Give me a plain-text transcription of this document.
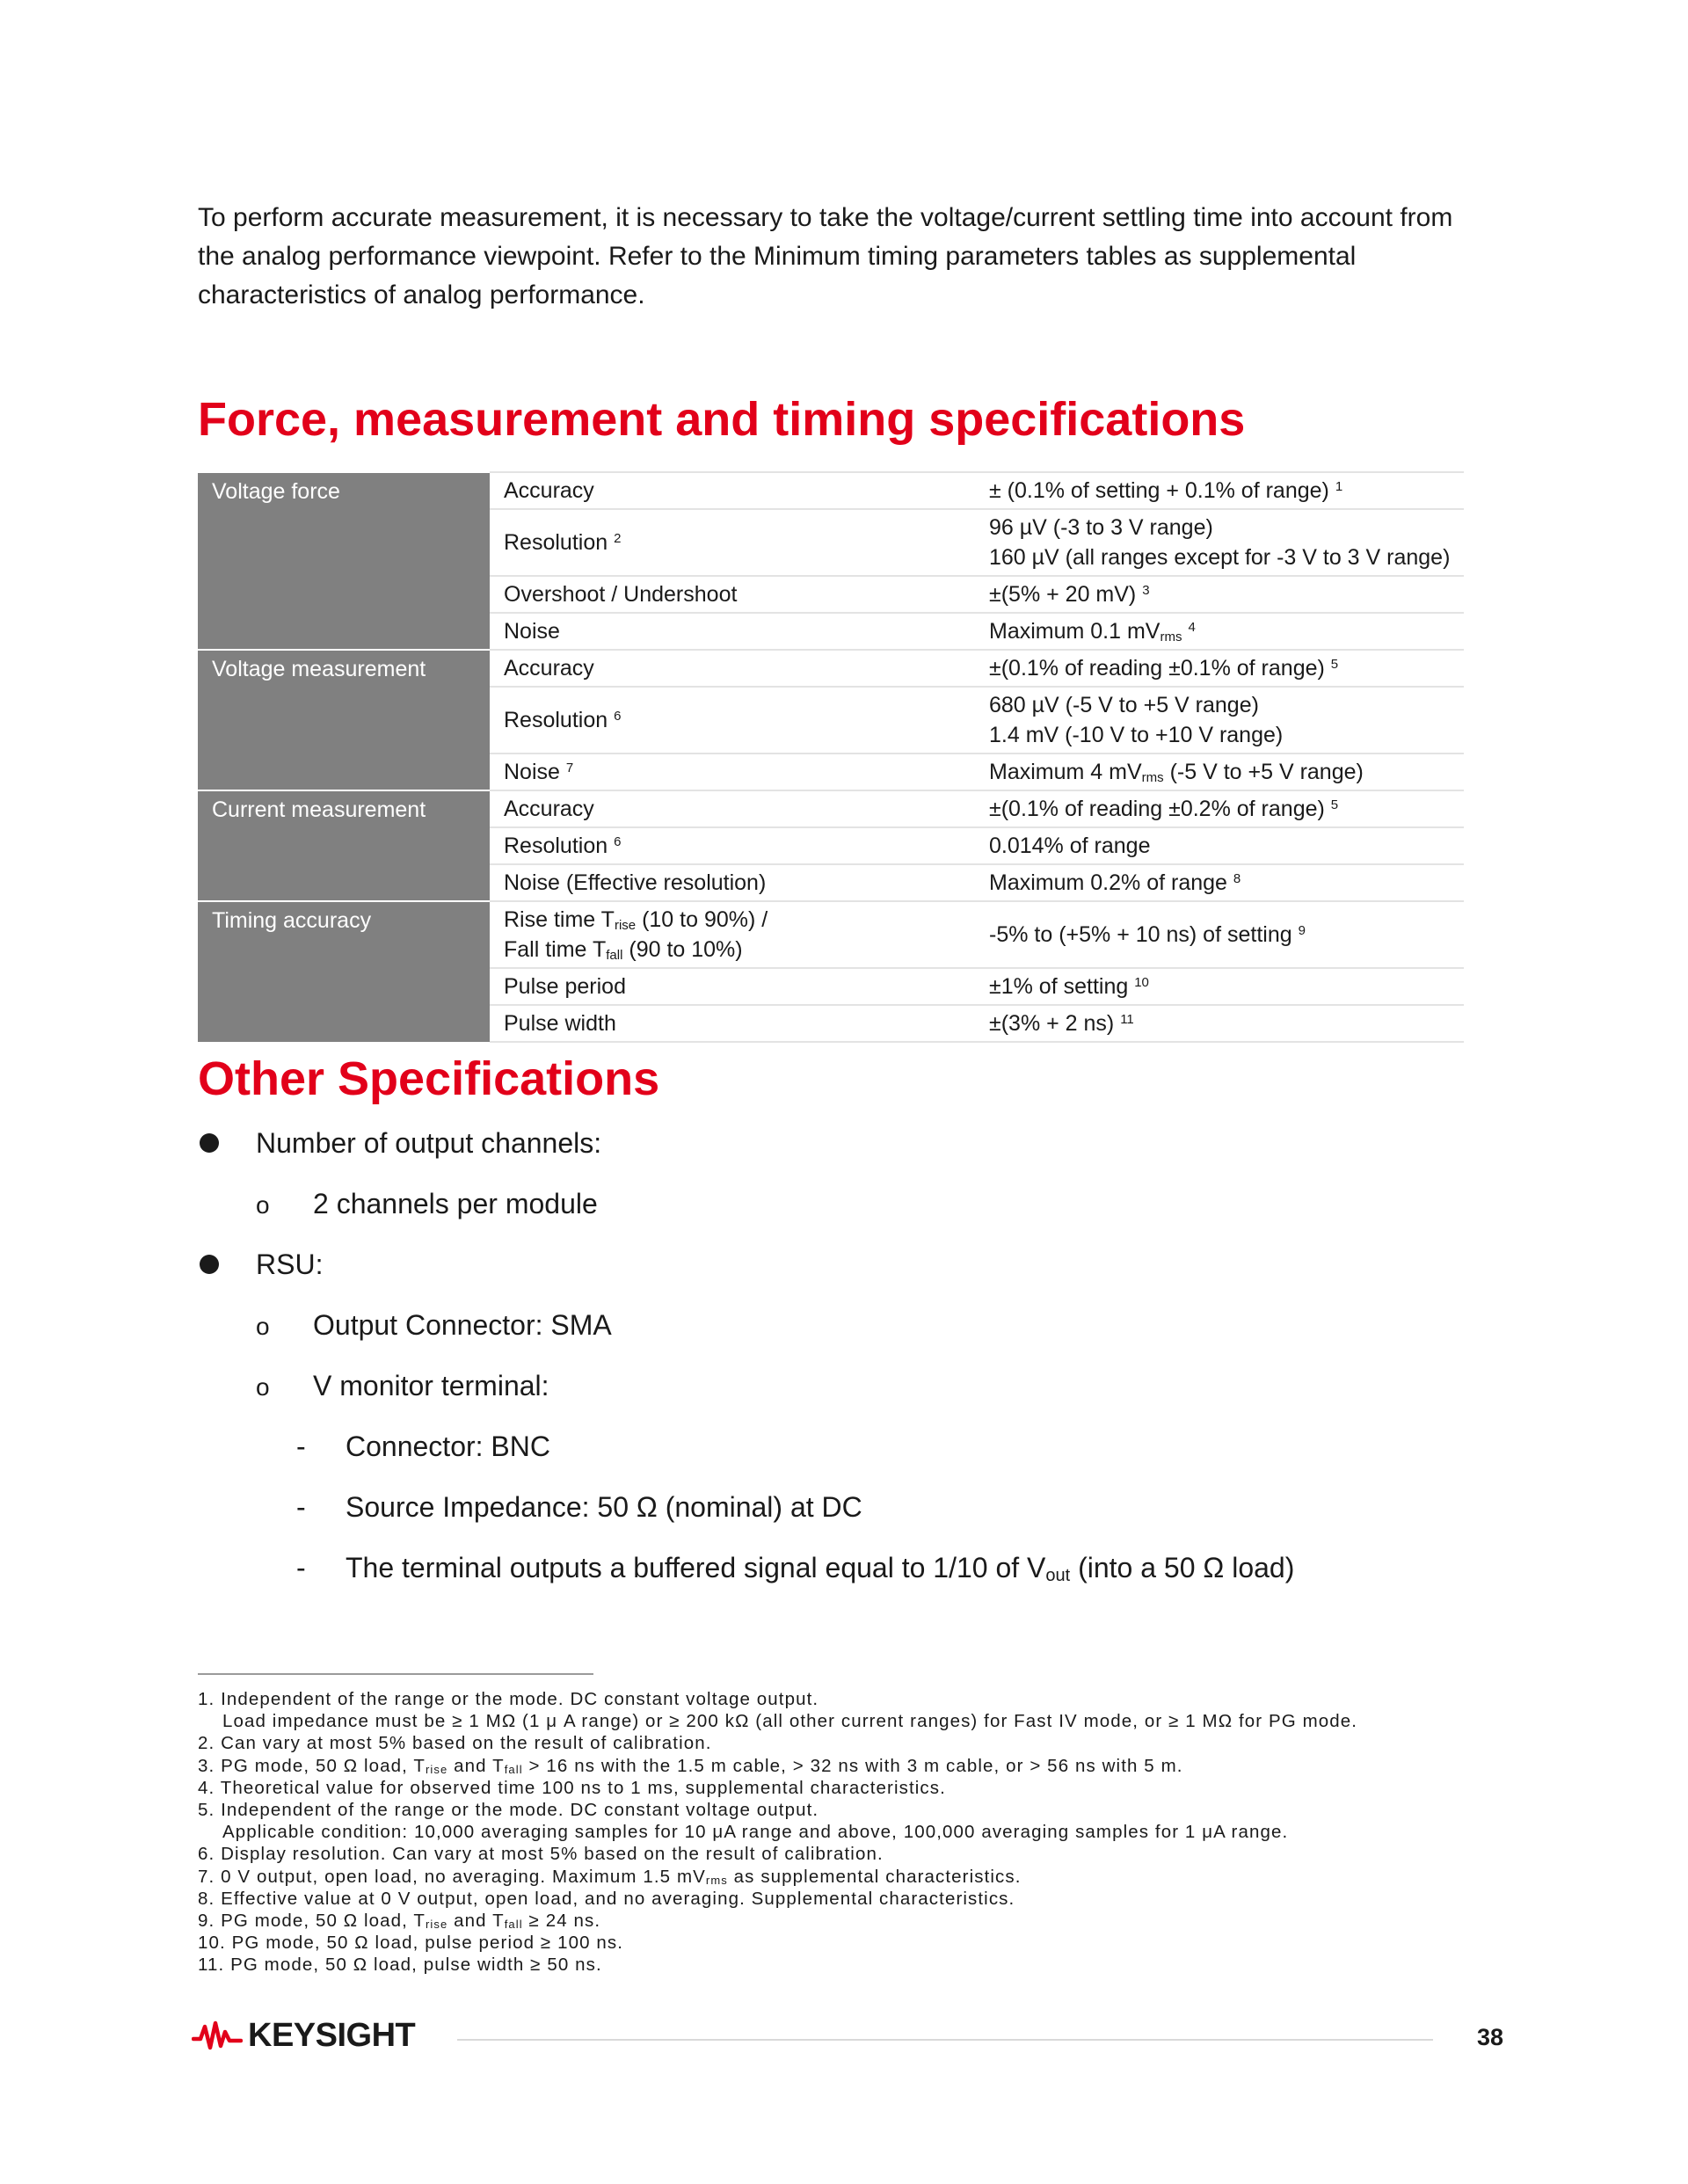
To perform accurate measurement, it is necessary to take the voltage/current settling time into account from the analog performance viewpoint. Refer to the Minimum timing parameters tables as supplemental characteristics of analog performance.

Force, measurement and timing specifications
Voltage force	Accuracy	± (0.1% of setting + 0.1% of range) $^1$
	Resolution $^2$	96 µV (-3 to 3 V range)
160 µV (all ranges except for -3 V to 3 V range)
	Overshoot / Undershoot	±(5% + 20 mV) $^3$
	Noise	Maximum 0.1 $mV_{rms}$ $^4$
Voltage measurement	Accuracy	±(0.1% of reading ±0.1% of range) $^5$
	Resolution $^6$	680 µV (-5 V to +5 V range)
1.4 mV (-10 V to +10 V range)
	Noise $^7$	Maximum 4 $mV_{rms}$ (-5 V to +5 V range)
Current measurement	Accuracy	±(0.1% of reading ±0.2% of range) $^5$
	Resolution $^6$	0.014% of range
	Noise (Effective resolution)	Maximum 0.2% of range $^8$
Timing accuracy	Rise time $T_{rise}$ (10 to 90%) /
Fall time $T_{fall}$ (90 to 10%)	-5% to (+5% + 10 ns) of setting $^9$
	Pulse period	±1% of setting $^{10}$
	Pulse width	±(3% + 2 ns) $^{11}$
Other Specifications
Number of output channels:
o 2 channels per module
RSU:
o Output Connector: SMA
o V monitor terminal:
- Connector: BNC
- Source Impedance: 50 Ω (nominal) at DC
- The terminal outputs a buffered signal equal to 1/10 of $V_{out}$ (into a 50 Ω load)

1. Independent of the range or the mode. DC constant voltage output.
Load impedance must be ≥ 1 MΩ (1 μ A range) or ≥ 200 kΩ (all other current ranges) for Fast IV mode, or ≥ 1 MΩ for PG mode.

2. Can vary at most 5% based on the result of calibration.

3. PG mode, 50 Ω load, $T_{rise}$ and $T_{fall} > 16$ ns with the 1.5 m cable, > 32 ns with 3 m cable, or > 56 ns with 5 m.

4. Theoretical value for observed time 100 ns to 1 ms, supplemental characteristics.

5. Independent of the range or the mode. DC constant voltage output.
Applicable condition: 10,000 averaging samples for 10 μA range and above, 100,000 averaging samples for 1 μA range.

6. Display resolution. Can vary at most 5% based on the result of calibration.

7. 0 V output, open load, no averaging. Maximum 1.5 $mV_{rms}$ as supplemental characteristics.

8. Effective value at 0 V output, open load, and no averaging. Supplemental characteristics.

9. PG mode, 50 Ω load, $T_{rise}$ and $T_{fall} \ge 24$ ns.

10. PG mode, 50 Ω load, pulse period ≥ 100 ns.

11. PG mode, 50 Ω load, pulse width ≥ 50 ns.

KEYSIGHT	38
